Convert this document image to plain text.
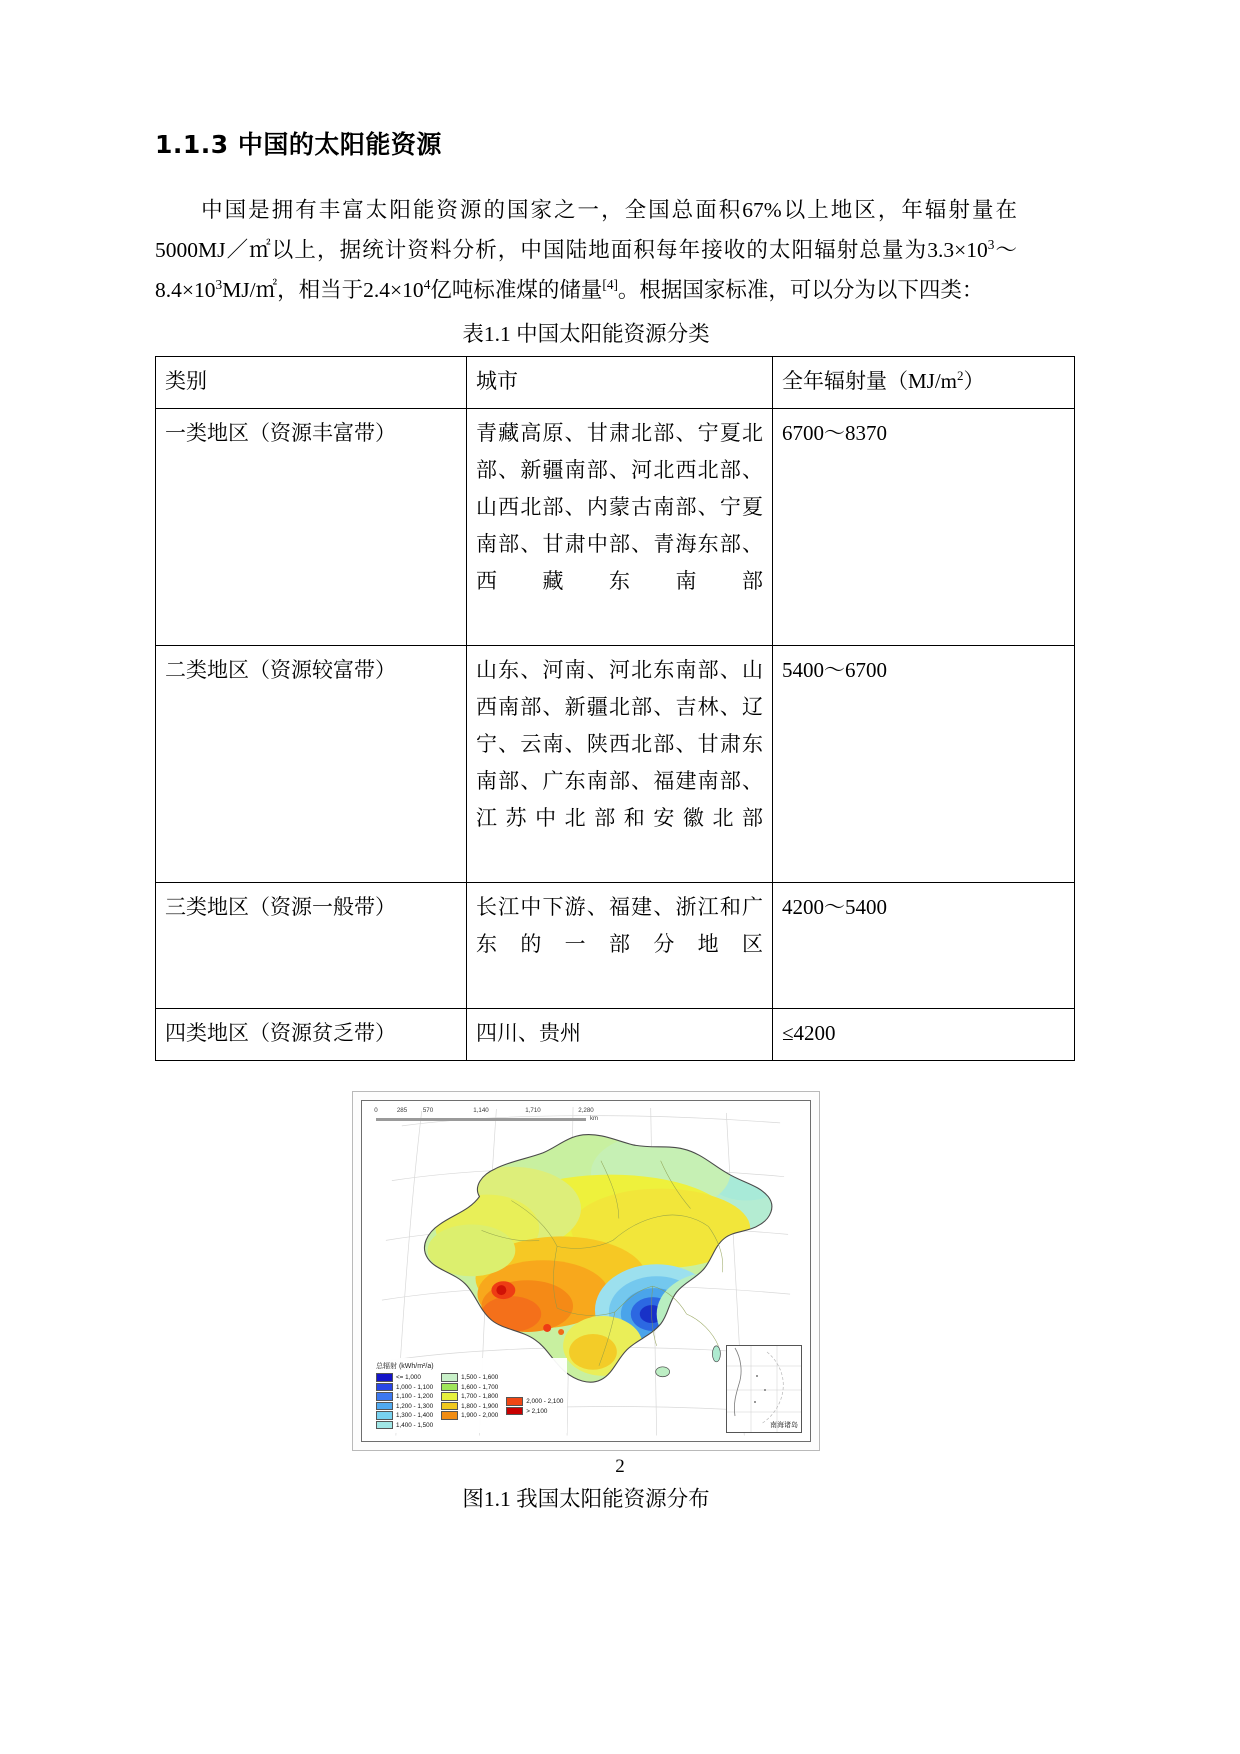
1.1.3 中国的太阳能资源

中国是拥有丰富太阳能资源的国家之一，全国总面积67%以上地区，年辐射量在5000MJ／㎡以上，据统计资料分析，中国陆地面积每年接收的太阳辐射总量为$3.3\times 10^3\sim 8.4\times 10^3MJ/㎡$，相当于$2.4\times 10^4$亿吨标准煤的储量[4]。根据国家标准，可以分为以下四类：

表1.1 中国太阳能资源分类
类别	城市	全年辐射量$(MJ/m^2)$
一类地区（资源丰富带）	青藏高原、甘肃北部、宁夏北部、新疆南部、河北西北部、山西北部、内蒙古南部、宁夏南部、甘肃中部、青海东部、西藏东南部	6700～8370
二类地区（资源较富带）	山东、河南、河北东南部、山西南部、新疆北部、吉林、辽宁、云南、陕西北部、甘肃东南部、广东南部、福建南部、江苏中北部和安徽北部	5400～6700
三类地区（资源一般带）	长江中下游、福建、浙江和广东的一部分地区	4200～5400
四类地区（资源贫乏带）	四川、贵州	≤4200
0	285	570	1,140	1,710	2,280
km
总辐射 (kWh/m²/a)
<= 1,000
1,000 - 1,100
1,100 - 1,200
1,200 - 1,300
1,300 - 1,400
1,400 - 1,500
1,500 - 1,600
1,600 - 1,700
1,700 - 1,800
1,800 - 1,900
1,900 - 2,000
2,000 - 2,100
> 2,100
南海诸岛
图1.1 我国太阳能资源分布
2
